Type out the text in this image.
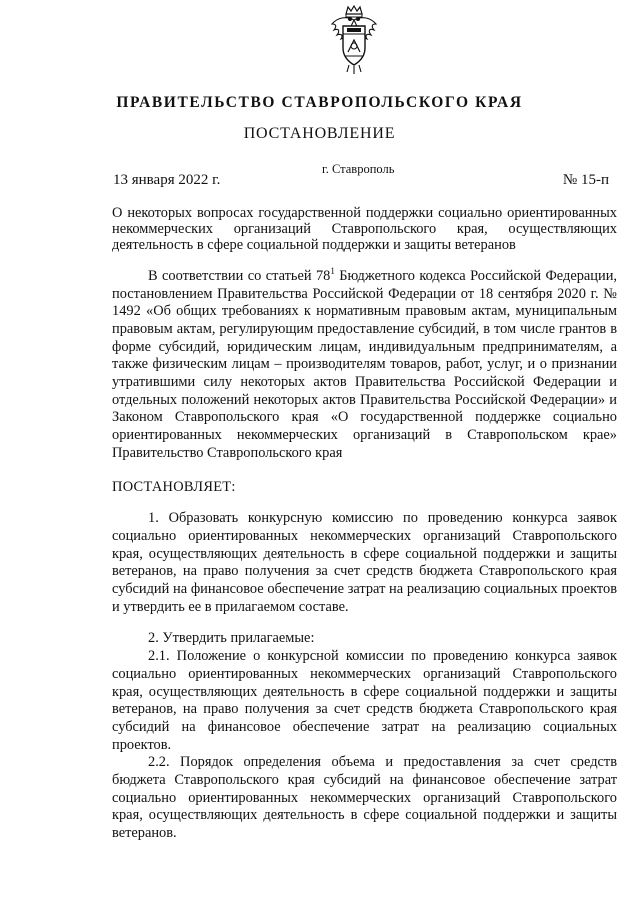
ПРАВИТЕЛЬСТВО СТАВРОПОЛЬСКОГО КРАЯ
ПОСТАНОВЛЕНИЕ
13 января 2022 г.
г. Ставрополь
№ 15-п
О некоторых вопросах государственной поддержки социально ориентированных некоммерческих организаций Ставропольского края, осуществляющих деятельность в сфере социальной поддержки и защиты ветеранов

В соответствии со статьей $78^1$ Бюджетного кодекса Российской Федерации, постановлением Правительства Российской Федерации от 18 сентября 2020 г. № 1492 «Об общих требованиях к нормативным правовым актам, муниципальным правовым актам, регулирующим предоставление субсидий, в том числе грантов в форме субсидий, юридическим лицам, индивидуальным предпринимателям, а также физическим лицам – производителям товаров, работ, услуг, и о признании утратившими силу некоторых актов Правительства Российской Федерации и отдельных положений некоторых актов Правительства Российской Федерации» и Законом Ставропольского края «О государственной поддержке социально ориентированных некоммерческих организаций в Ставропольском крае» Правительство Ставропольского края

ПОСТАНОВЛЯЕТ:

1. Образовать конкурсную комиссию по проведению конкурса заявок социально ориентированных некоммерческих организаций Ставропольского края, осуществляющих деятельность в сфере социальной поддержки и защиты ветеранов, на право получения за счет средств бюджета Ставропольского края субсидий на финансовое обеспечение затрат на реализацию социальных проектов и утвердить ее в прилагаемом составе.

2. Утвердить прилагаемые:

2.1. Положение о конкурсной комиссии по проведению конкурса заявок социально ориентированных некоммерческих организаций Ставропольского края, осуществляющих деятельность в сфере социальной поддержки и защиты ветеранов, на право получения за счет средств бюджета Ставропольского края субсидий на финансовое обеспечение затрат на реализацию социальных проектов.

2.2. Порядок определения объема и предоставления за счет средств бюджета Ставропольского края субсидий на финансовое обеспечение затрат социально ориентированных некоммерческих организаций Ставропольского края, осуществляющих деятельность в сфере социальной поддержки и защиты ветеранов.
